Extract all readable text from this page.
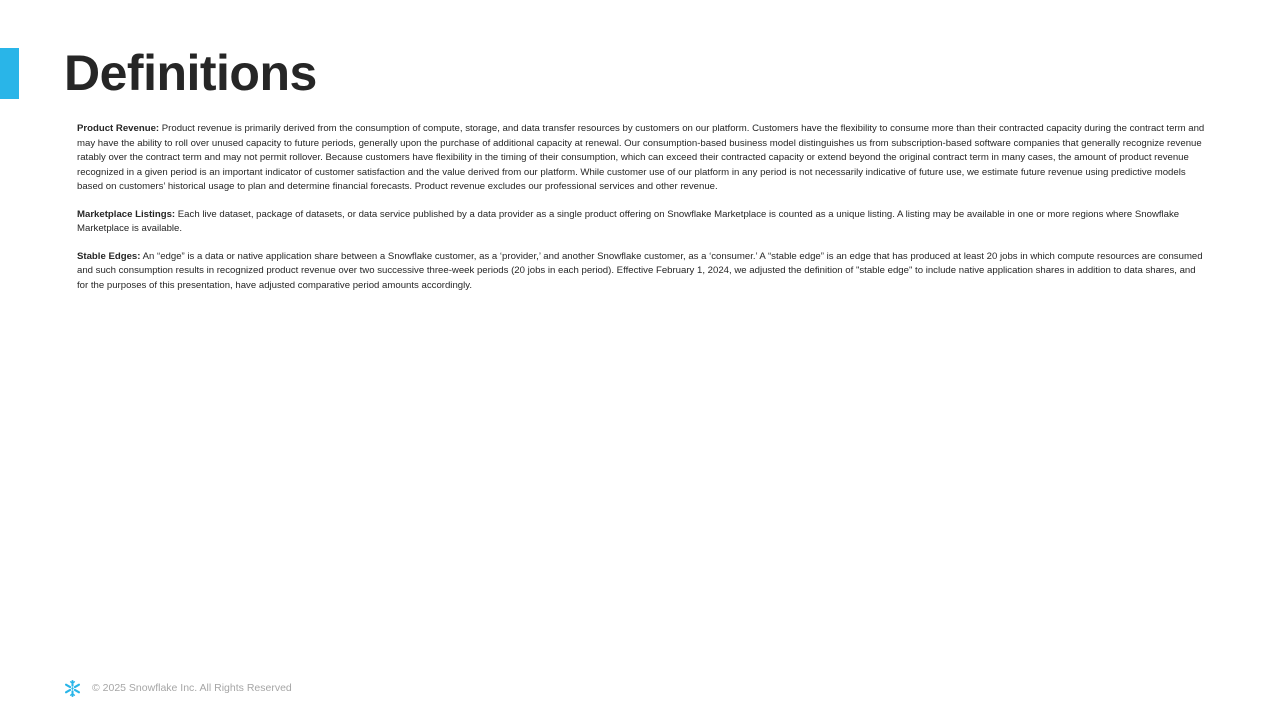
Definitions

Product Revenue: Product revenue is primarily derived from the consumption of compute, storage, and data transfer resources by customers on our platform. Customers have the flexibility to consume more than their contracted capacity during the contract term and may have the ability to roll over unused capacity to future periods, generally upon the purchase of additional capacity at renewal. Our consumption-based business model distinguishes us from subscription-based software companies that generally recognize revenue ratably over the contract term and may not permit rollover. Because customers have flexibility in the timing of their consumption, which can exceed their contracted capacity or extend beyond the original contract term in many cases, the amount of product revenue recognized in a given period is an important indicator of customer satisfaction and the value derived from our platform. While customer use of our platform in any period is not necessarily indicative of future use, we estimate future revenue using predictive models based on customers’ historical usage to plan and determine financial forecasts. Product revenue excludes our professional services and other revenue.

Marketplace Listings: Each live dataset, package of datasets, or data service published by a data provider as a single product offering on Snowflake Marketplace is counted as a unique listing. A listing may be available in one or more regions where Snowflake Marketplace is available.

Stable Edges: An “edge” is a data or native application share between a Snowflake customer, as a ‘provider,’ and another Snowflake customer, as a ‘consumer.’ A “stable edge” is an edge that has produced at least 20 jobs in which compute resources are consumed and such consumption results in recognized product revenue over two successive three-week periods (20 jobs in each period). Effective February 1, 2024, we adjusted the definition of "stable edge" to include native application shares in addition to data shares, and for the purposes of this presentation, have adjusted comparative period amounts accordingly.

© 2025 Snowflake Inc. All Rights Reserved
